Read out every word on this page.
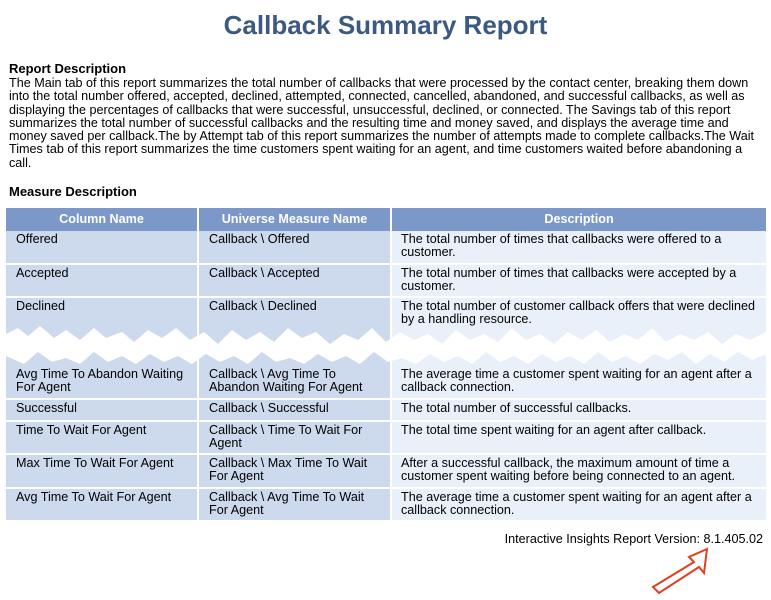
Callback Summary Report
Report Description
The Main tab of this report summarizes the total number of callbacks that were processed by the contact center, breaking them down into the total number offered, accepted, declined, attempted, connected, cancelled, abandoned, and successful callbacks, as well as displaying the percentages of callbacks that were successful, unsuccessful, declined, or connected. The Savings tab of this report summarizes the total number of successful callbacks and the resulting time and money saved, and displays the average time and money saved per callback.The by Attempt tab of this report summarizes the number of attempts made to complete callbacks.The Wait Times tab of this report summarizes the time customers spent waiting for an agent, and time customers waited before abandoning a call.
Measure Description
Column Name	Universe Measure Name	Description
Offered	Callback \ Offered	The total number of times that callbacks were offered to a customer.
Accepted	Callback \ Accepted	The total number of times that callbacks were accepted by a customer.
Declined	Callback \ Declined	The total number of customer callback offers that were declined by a handling resource.
Avg Time To Abandon Waiting For Agent	Callback \ Avg Time To Abandon Waiting For Agent	The average time a customer spent waiting for an agent after a callback connection.
Successful	Callback \ Successful	The total number of successful callbacks.
Time To Wait For Agent	Callback \ Time To Wait For Agent	The total time spent waiting for an agent after callback.
Max Time To Wait For Agent	Callback \ Max Time To Wait For Agent	After a successful callback, the maximum amount of time a customer spent waiting before being connected to an agent.
Avg Time To Wait For Agent	Callback \ Avg Time To Wait For Agent	The average time a customer spent waiting for an agent after a callback connection.
Interactive Insights Report Version: 8.1.405.02
